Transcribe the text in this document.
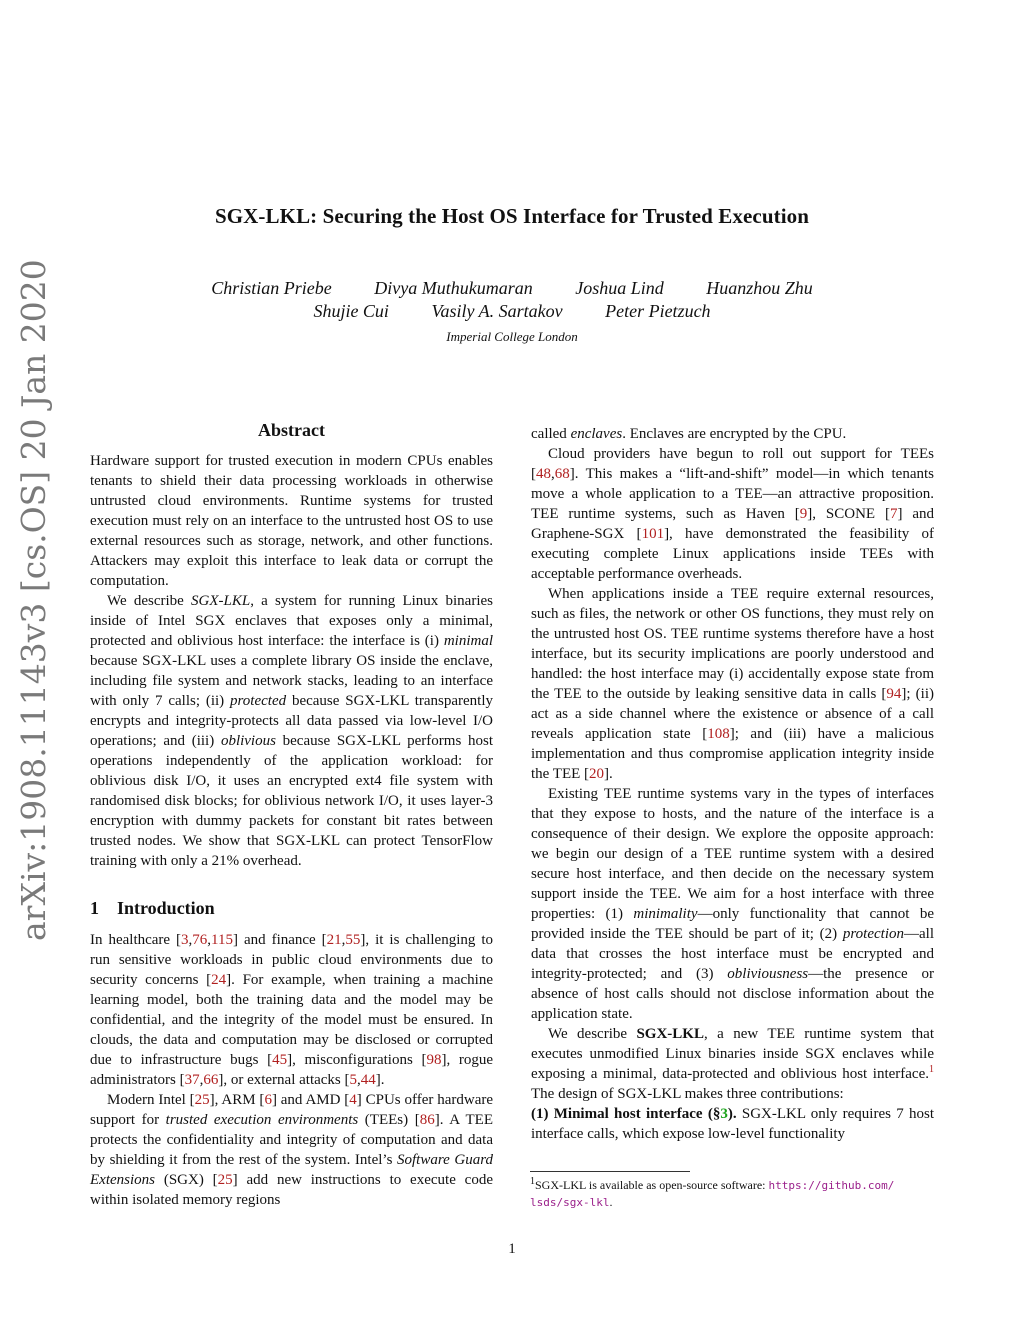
arXiv:1908.11143v3 [cs.OS] 20 Jan 2020
SGX-LKL: Securing the Host OS Interface for Trusted Execution
Christian Priebe Divya Muthukumaran Joshua Lind Huanzhou Zhu
Shujie Cui Vasily A. Sartakov Peter Pietzuch
Imperial College London
Abstract

Hardware support for trusted execution in modern CPUs enables tenants to shield their data processing workloads in otherwise untrusted cloud environments. Runtime systems for trusted execution must rely on an interface to the untrusted host OS to use external resources such as storage, network, and other functions. Attackers may exploit this interface to leak data or corrupt the computation.

We describe SGX-LKL, a system for running Linux binaries inside of Intel SGX enclaves that exposes only a minimal, protected and oblivious host interface: the interface is (i) minimal because SGX-LKL uses a complete library OS inside the enclave, including file system and network stacks, leading to an interface with only 7 calls; (ii) protected because SGX-LKL transparently encrypts and integrity-protects all data passed via low-level I/O operations; and (iii) oblivious because SGX-LKL performs host operations independently of the application workload: for oblivious disk I/O, it uses an encrypted ext4 file system with randomised disk blocks; for oblivious network I/O, it uses layer-3 encryption with dummy packets for constant bit rates between trusted nodes. We show that SGX-LKL can protect TensorFlow training with only a 21% overhead.

1 Introduction

In healthcare [3,76,115] and finance [21,55], it is challenging to run sensitive workloads in public cloud environments due to security concerns [24]. For example, when training a machine learning model, both the training data and the model may be confidential, and the integrity of the model must be ensured. In clouds, the data and computation may be disclosed or corrupted due to infrastructure bugs [45], misconfigurations [98], rogue administrators [37,66], or external attacks [5,44].

Modern Intel [25], ARM [6] and AMD [4] CPUs offer hardware support for trusted execution environments (TEEs) [86]. A TEE protects the confidentiality and integrity of computation and data by shielding it from the rest of the system. Intel’s Software Guard Extensions (SGX) [25] add new instructions to execute code within isolated memory regions

called enclaves. Enclaves are encrypted by the CPU.

Cloud providers have begun to roll out support for TEEs [48,68]. This makes a “lift-and-shift” model—in which tenants move a whole application to a TEE—an attractive proposition. TEE runtime systems, such as Haven [9], SCONE [7] and Graphene-SGX [101], have demonstrated the feasibility of executing complete Linux applications inside TEEs with acceptable performance overheads.

When applications inside a TEE require external resources, such as files, the network or other OS functions, they must rely on the untrusted host OS. TEE runtime systems therefore have a host interface, but its security implications are poorly understood and handled: the host interface may (i) accidentally expose state from the TEE to the outside by leaking sensitive data in calls [94]; (ii) act as a side channel where the existence or absence of a call reveals application state [108]; and (iii) have a malicious implementation and thus compromise application integrity inside the TEE [20].

Existing TEE runtime systems vary in the types of interfaces that they expose to hosts, and the nature of the interface is a consequence of their design. We explore the opposite approach: we begin our design of a TEE runtime system with a desired secure host interface, and then decide on the necessary system support inside the TEE. We aim for a host interface with three properties: (1) minimality—only functionality that cannot be provided inside the TEE should be part of it; (2) protection—all data that crosses the host interface must be encrypted and integrity-protected; and (3) obliviousness—the presence or absence of host calls should not disclose information about the application state.

We describe SGX-LKL, a new TEE runtime system that executes unmodified Linux binaries inside SGX enclaves while exposing a minimal, data-protected and oblivious host interface.$^1$ The design of SGX-LKL makes three contributions:

(1) Minimal host interface (§3). SGX-LKL only requires 7 host interface calls, which expose low-level functionality

$^1$SGX-LKL is available as open-source software: https://github.com/
lsds/sgx-lkl.
1
